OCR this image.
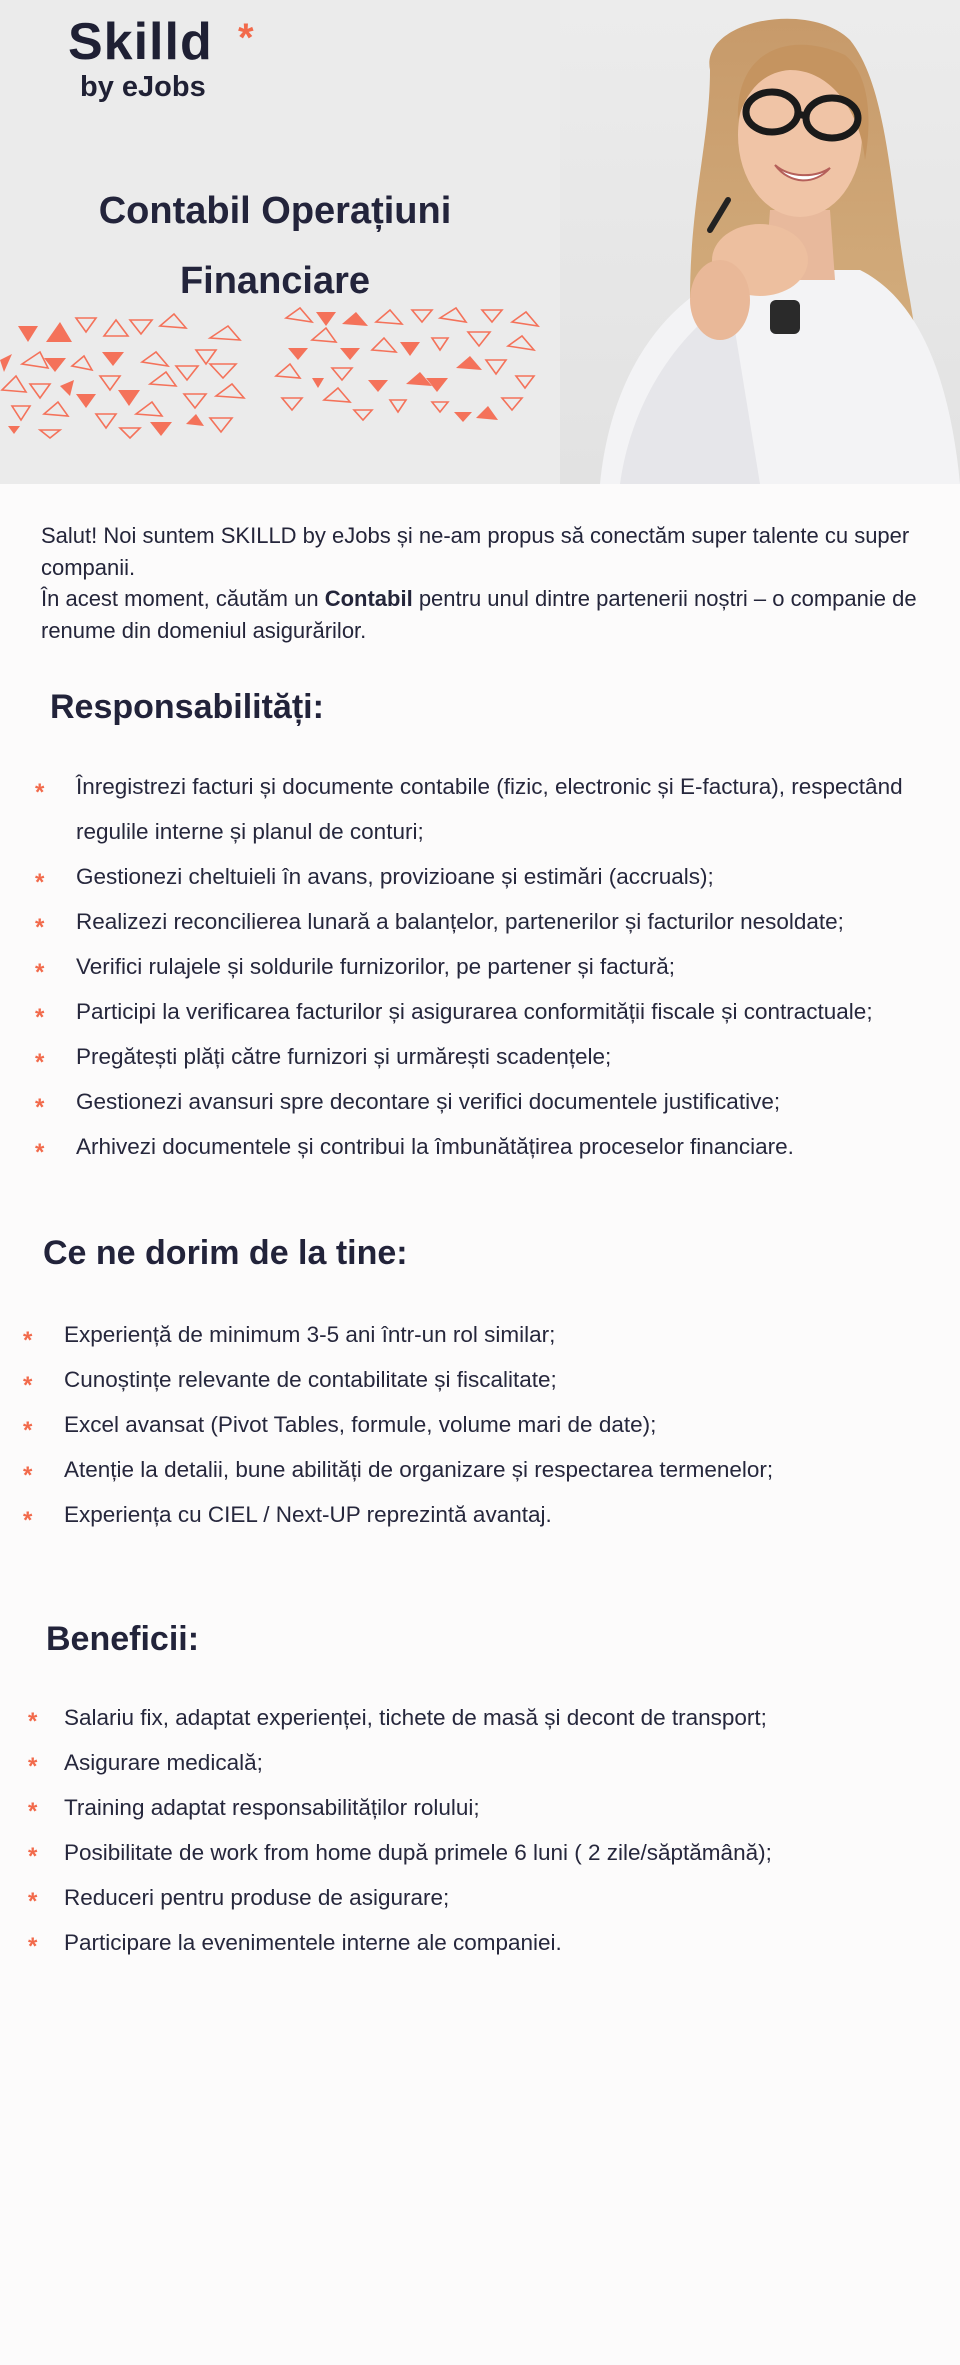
Skilld *
by eJobs
Contabil Operațiuni
Financiare
Salut! Noi suntem SKILLD by eJobs și ne-am propus să conectăm super talente cu super companii.
În acest moment, căutăm un Contabil pentru unul dintre partenerii noștri – o companie de renume din domeniul asigurărilor.
Responsabilități:
* Înregistrezi facturi și documente contabile (fizic, electronic și E-factura), respectând regulile interne și planul de conturi;
* Gestionezi cheltuieli în avans, provizioane și estimări (accruals);
* Realizezi reconcilierea lunară a balanțelor, partenerilor și facturilor nesoldate;
* Verifici rulajele și soldurile furnizorilor, pe partener și factură;
* Participi la verificarea facturilor și asigurarea conformității fiscale și contractuale;
* Pregătești plăți către furnizori și urmărești scadențele;
* Gestionezi avansuri spre decontare și verifici documentele justificative;
* Arhivezi documentele și contribui la îmbunătățirea proceselor financiare.
Ce ne dorim de la tine:
* Experiență de minimum 3-5 ani într-un rol similar;
* Cunoștințe relevante de contabilitate și fiscalitate;
* Excel avansat (Pivot Tables, formule, volume mari de date);
* Atenție la detalii, bune abilități de organizare și respectarea termenelor;
* Experiența cu CIEL / Next-UP reprezintă avantaj.
Beneficii:
* Salariu fix, adaptat experienței, tichete de masă și decont de transport;
* Asigurare medicală;
* Training adaptat responsabilităților rolului;
* Posibilitate de work from home după primele 6 luni ( 2 zile/săptămână);
* Reduceri pentru produse de asigurare;
* Participare la evenimentele interne ale companiei.
